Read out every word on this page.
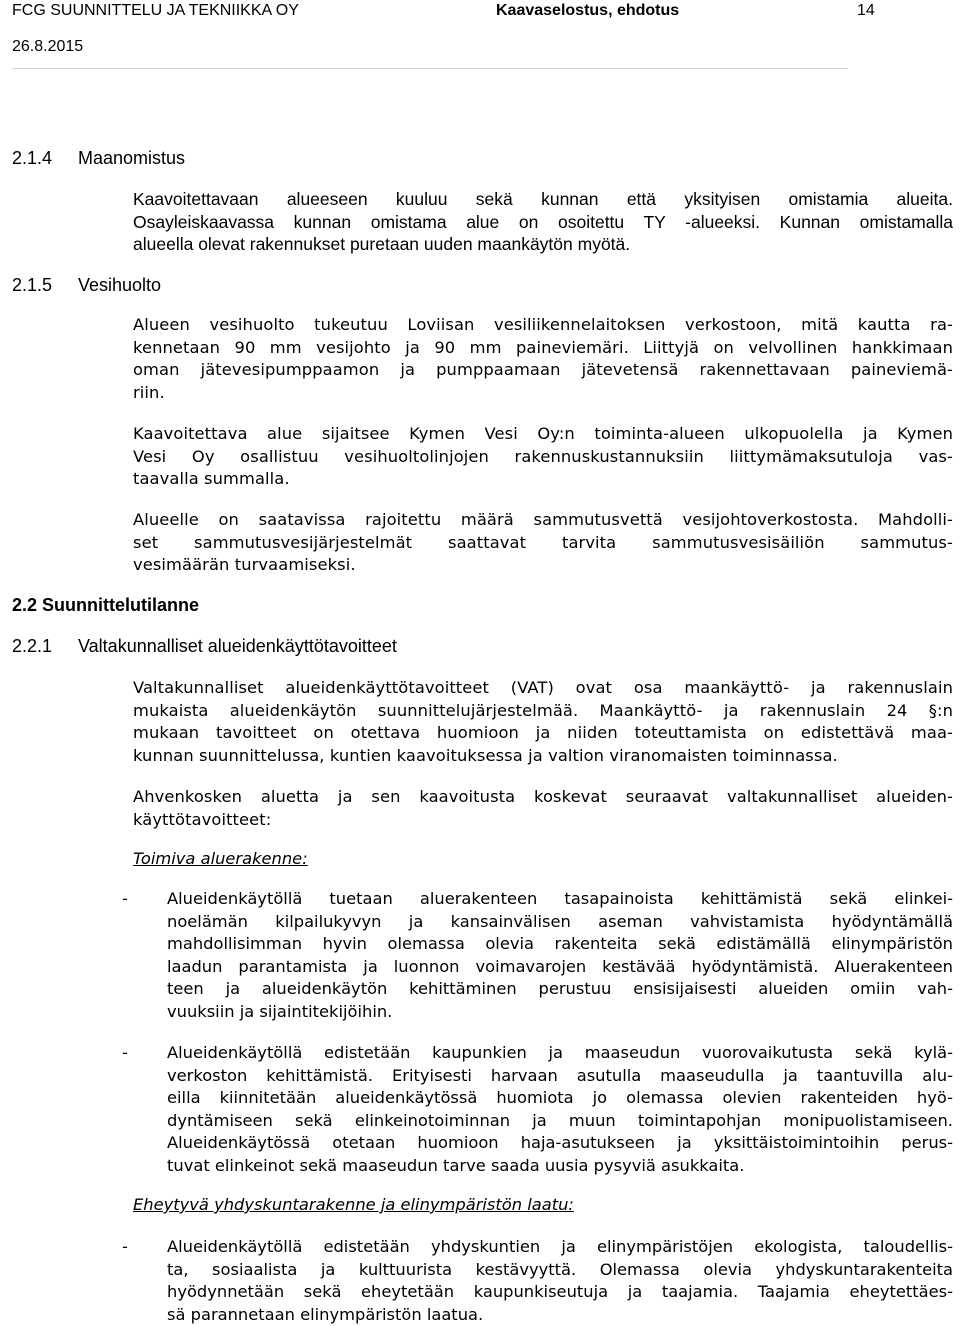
FCG SUUNNITTELU JA TEKNIIKKA OY	Kaavaselostus, ehdotus	14
26.8.2015
2.1.4 Maanomistus
Kaavoitettavaan alueeseen kuuluu sekä kunnan että yksityisen omistamia alueita.
Osayleiskaavassa kunnan omistama alue on osoitettu TY -alueeksi. Kunnan omistamalla
alueella olevat rakennukset puretaan uuden maankäytön myötä.
2.1.5 Vesihuolto
Alueen vesihuolto tukeutuu Loviisan vesiliikennelaitoksen verkostoon, mitä kautta ra-
kennetaan 90 mm vesijohto ja 90 mm paineviemäri. Liittyjä on velvollinen hankkimaan
oman jätevesipumppaamon ja pumppaamaan jätevetensä rakennettavaan paineviemä-
riin.
Kaavoitettava alue sijaitsee Kymen Vesi Oy:n toiminta-alueen ulkopuolella ja Kymen
Vesi Oy osallistuu vesihuoltolinjojen rakennuskustannuksiin liittymämaksutuloja vas-
taavalla summalla.
Alueelle on saatavissa rajoitettu määrä sammutusvettä vesijohtoverkostosta. Mahdolli-
set sammutusvesijärjestelmät saattavat tarvita sammutusvesisäiliön sammutus-
vesimäärän turvaamiseksi.
2.2 Suunnittelutilanne
2.2.1 Valtakunnalliset alueidenkäyttötavoitteet
Valtakunnalliset alueidenkäyttötavoitteet (VAT) ovat osa maankäyttö- ja rakennuslain
mukaista alueidenkäytön suunnittelujärjestelmää. Maankäyttö- ja rakennuslain 24 §:n
mukaan tavoitteet on otettava huomioon ja niiden toteuttamista on edistettävä maa-
kunnan suunnittelussa, kuntien kaavoituksessa ja valtion viranomaisten toiminnassa.
Ahvenkosken aluetta ja sen kaavoitusta koskevat seuraavat valtakunnalliset alueiden-
käyttötavoitteet:
Toimiva aluerakenne:
- Alueidenkäytöllä tuetaan aluerakenteen tasapainoista kehittämistä sekä elinkei-
noelämän kilpailukyvyn ja kansainvälisen aseman vahvistamista hyödyntämällä
mahdollisimman hyvin olemassa olevia rakenteita sekä edistämällä elinympäristön
laadun parantamista ja luonnon voimavarojen kestävää hyödyntämistä. Aluerakenteen
teen ja alueidenkäytön kehittäminen perustuu ensisijaisesti alueiden omiin vah-
vuuksiin ja sijaintitekijöihin.
- Alueidenkäytöllä edistetään kaupunkien ja maaseudun vuorovaikutusta sekä kylä-
verkoston kehittämistä. Erityisesti harvaan asutulla maaseudulla ja taantuvilla alu-
eilla kiinnitetään alueidenkäytössä huomiota jo olemassa olevien rakenteiden hyö-
dyntämiseen sekä elinkeinotoiminnan ja muun toimintapohjan monipuolistamiseen.
Alueidenkäytössä otetaan huomioon haja-asutukseen ja yksittäistoimintoihin perus-
tuvat elinkeinot sekä maaseudun tarve saada uusia pysyviä asukkaita.
Eheytyvä yhdyskuntarakenne ja elinympäristön laatu:
- Alueidenkäytöllä edistetään yhdyskuntien ja elinympäristöjen ekologista, taloudellis-
ta, sosiaalista ja kulttuurista kestävyyttä. Olemassa olevia yhdyskuntarakenteita
hyödynnetään sekä eheytetään kaupunkiseutuja ja taajamia. Taajamia eheytettäes-
sä parannetaan elinympäristön laatua.
